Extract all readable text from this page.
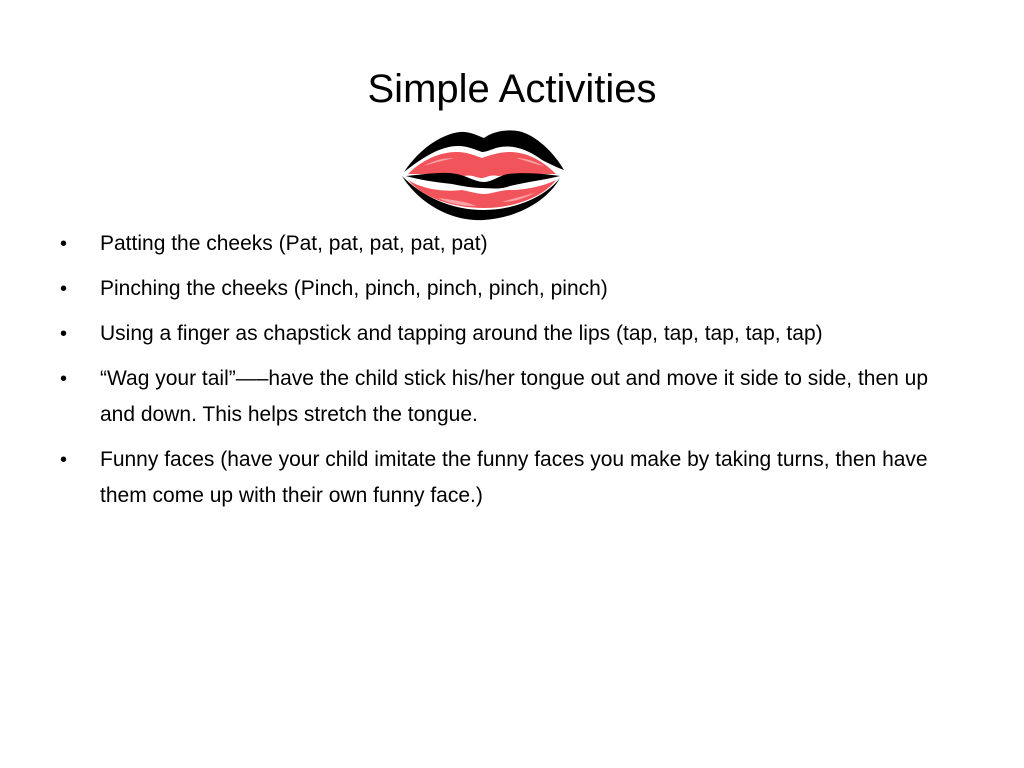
Simple Activities
• Patting the cheeks (Pat, pat, pat, pat, pat)
• Pinching the cheeks (Pinch, pinch, pinch, pinch, pinch)
• Using a finger as chapstick and tapping around the lips (tap, tap, tap, tap, tap)
• “Wag your tail”—–have the child stick his/her tongue out and move it side to side, then up and down. This helps stretch the tongue.
• Funny faces (have your child imitate the funny faces you make by taking turns, then have them come up with their own funny face.)
